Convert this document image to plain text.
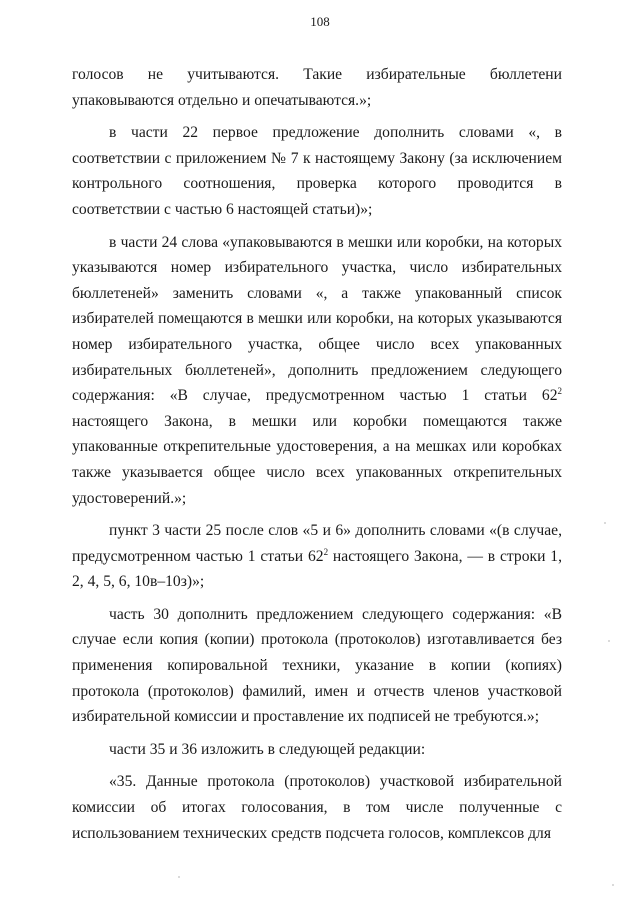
108

голосов не учитываются. Такие избирательные бюллетени упаковываются отдельно и опечатываются.»;

в части 22 первое предложение дополнить словами «, в соответствии с приложением № 7 к настоящему Закону (за исключением контрольного соотношения, проверка которого проводится в соответствии с частью 6 настоящей статьи)»;

в части 24 слова «упаковываются в мешки или коробки, на которых указываются номер избирательного участка, число избирательных бюллетеней» заменить словами «, а также упакованный список избирателей помещаются в мешки или коробки, на которых указываются номер избирательного участка, общее число всех упакованных избирательных бюллетеней», дополнить предложением следующего содержания: «В случае, предусмотренном частью 1 статьи $62^2$ настоящего Закона, в мешки или коробки помещаются также упакованные открепительные удостоверения, а на мешках или коробках также указывается общее число всех упакованных открепительных удостоверений.»;

пункт 3 части 25 после слов «5 и 6» дополнить словами «(в случае, предусмотренном частью 1 статьи $62^2$ настоящего Закона, — в строки 1, 2, 4, 5, 6, 10в–10з)»;

часть 30 дополнить предложением следующего содержания: «В случае если копия (копии) протокола (протоколов) изготавливается без применения копировальной техники, указание в копии (копиях) протокола (протоколов) фамилий, имен и отчеств членов участковой избирательной комиссии и проставление их подписей не требуются.»;

части 35 и 36 изложить в следующей редакции:

«35. Данные протокола (протоколов) участковой избирательной комиссии об итогах голосования, в том числе полученные с использованием технических средств подсчета голосов, комплексов для
